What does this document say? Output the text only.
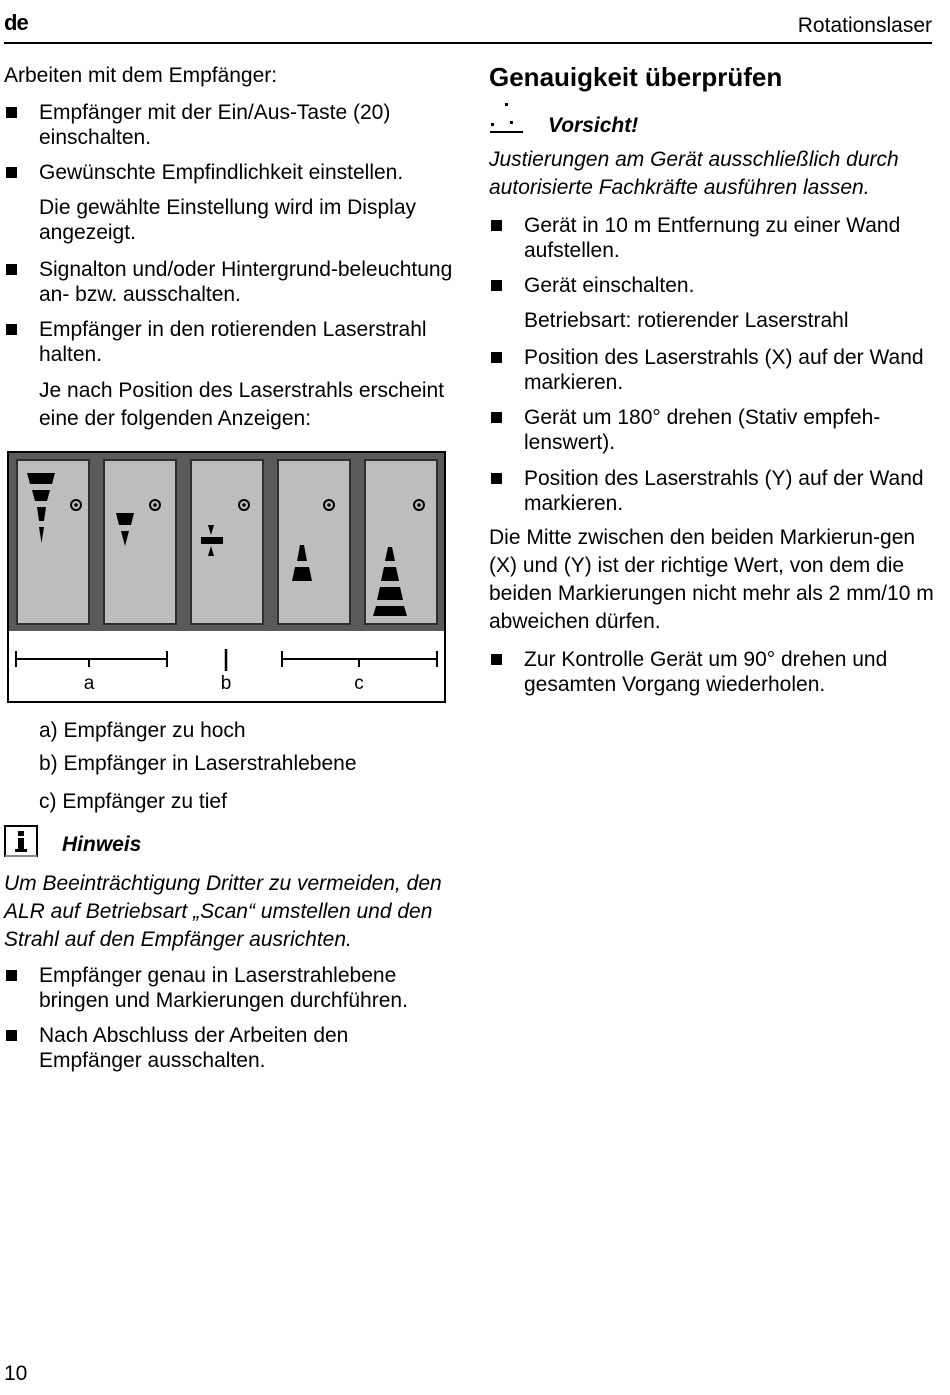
de	Rotationslaser

Arbeiten mit dem Empfänger:

Empfänger mit der Ein/Aus-Taste (20) einschalten.

Gewünschte Empfindlichkeit einstellen.

Die gewählte Einstellung wird im Display angezeigt.

Signalton und/oder Hintergrund-beleuchtung an- bzw. ausschalten.

Empfänger in den rotierenden Laserstrahl halten.

Je nach Position des Laserstrahls erscheint eine der folgenden Anzeigen:

a	b	c

a) Empfänger zu hoch

b) Empfänger in Laserstrahlebene

c) Empfänger zu tief

Hinweis
Um Beeinträchtigung Dritter zu vermeiden, den ALR auf Betriebsart „Scan“ umstellen und den Strahl auf den Empfänger ausrichten.

Empfänger genau in Laserstrahlebene bringen und Markierungen durchführen.

Nach Abschluss der Arbeiten den Empfänger ausschalten.

Genauigkeit überprüfen
Vorsicht!
Justierungen am Gerät ausschließlich durch autorisierte Fachkräfte ausführen lassen.

Gerät in 10 m Entfernung zu einer Wand aufstellen.

Gerät einschalten.

Betriebsart: rotierender Laserstrahl

Position des Laserstrahls (X) auf der Wand markieren.

Gerät um 180° drehen (Stativ empfeh-lenswert).

Position des Laserstrahls (Y) auf der Wand markieren.

Die Mitte zwischen den beiden Markierun-gen (X) und (Y) ist der richtige Wert, von dem die beiden Markierungen nicht mehr als 2 mm/10 m abweichen dürfen.

Zur Kontrolle Gerät um 90° drehen und gesamten Vorgang wiederholen.

10
